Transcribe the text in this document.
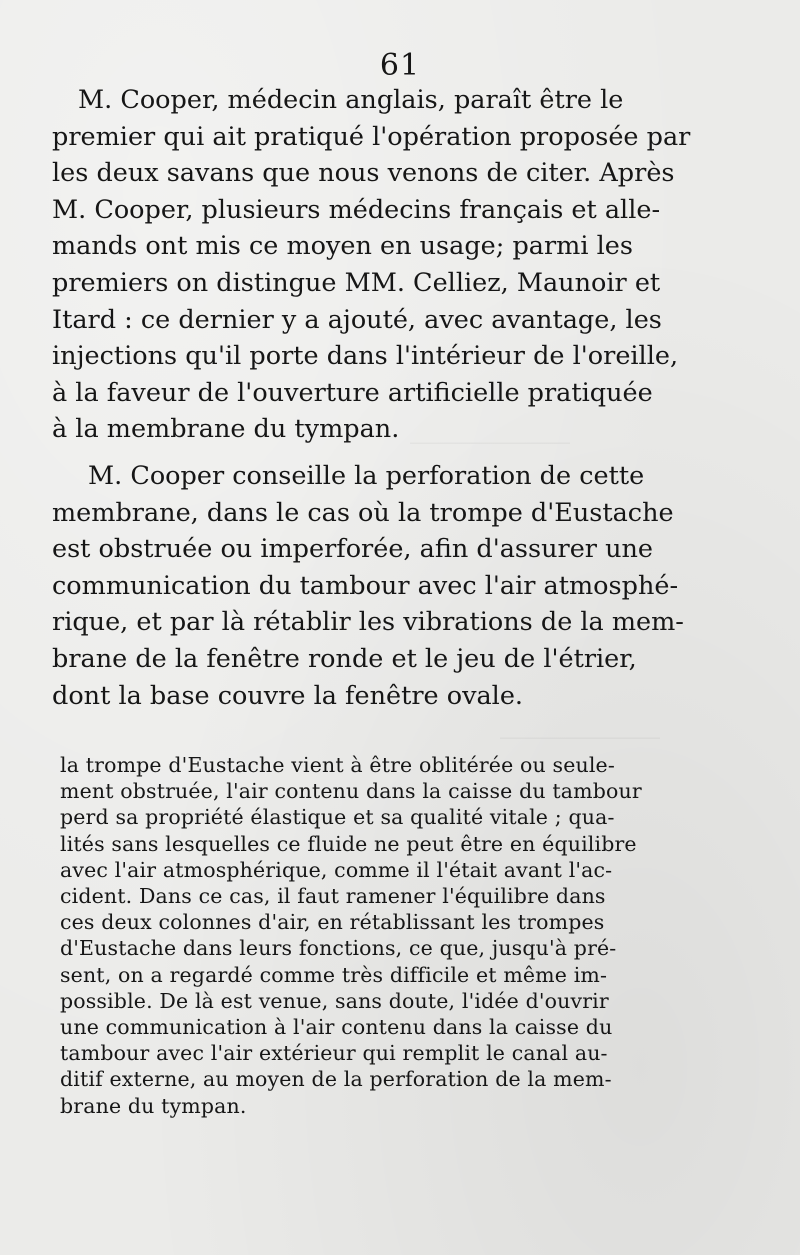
________________
________________
61
M. Cooper, médecin anglais, paraît être le
premier qui ait pratiqué l'opération proposée par
les deux savans que nous venons de citer. Après
M. Cooper, plusieurs médecins français et alle-
mands ont mis ce moyen en usage; parmi les
premiers on distingue MM. Celliez, Maunoir et
Itard : ce dernier y a ajouté, avec avantage, les
injections qu'il porte dans l'intérieur de l'oreille,
à la faveur de l'ouverture artificielle pratiquée
à la membrane du tympan.
M. Cooper conseille la perforation de cette
membrane, dans le cas où la trompe d'Eustache
est obstruée ou imperforée, afin d'assurer une
communication du tambour avec l'air atmosphé-
rique, et par là rétablir les vibrations de la mem-
brane de la fenêtre ronde et le jeu de l'étrier,
dont la base couvre la fenêtre ovale.
la trompe d'Eustache vient à être oblitérée ou seule-
ment obstruée, l'air contenu dans la caisse du tambour
perd sa propriété élastique et sa qualité vitale ; qua-
lités sans lesquelles ce fluide ne peut être en équilibre
avec l'air atmosphérique, comme il l'était avant l'ac-
cident. Dans ce cas, il faut ramener l'équilibre dans
ces deux colonnes d'air, en rétablissant les trompes
d'Eustache dans leurs fonctions, ce que, jusqu'à pré-
sent, on a regardé comme très difficile et même im-
possible. De là est venue, sans doute, l'idée d'ouvrir
une communication à l'air contenu dans la caisse du
tambour avec l'air extérieur qui remplit le canal au-
ditif externe, au moyen de la perforation de la mem-
brane du tympan.
